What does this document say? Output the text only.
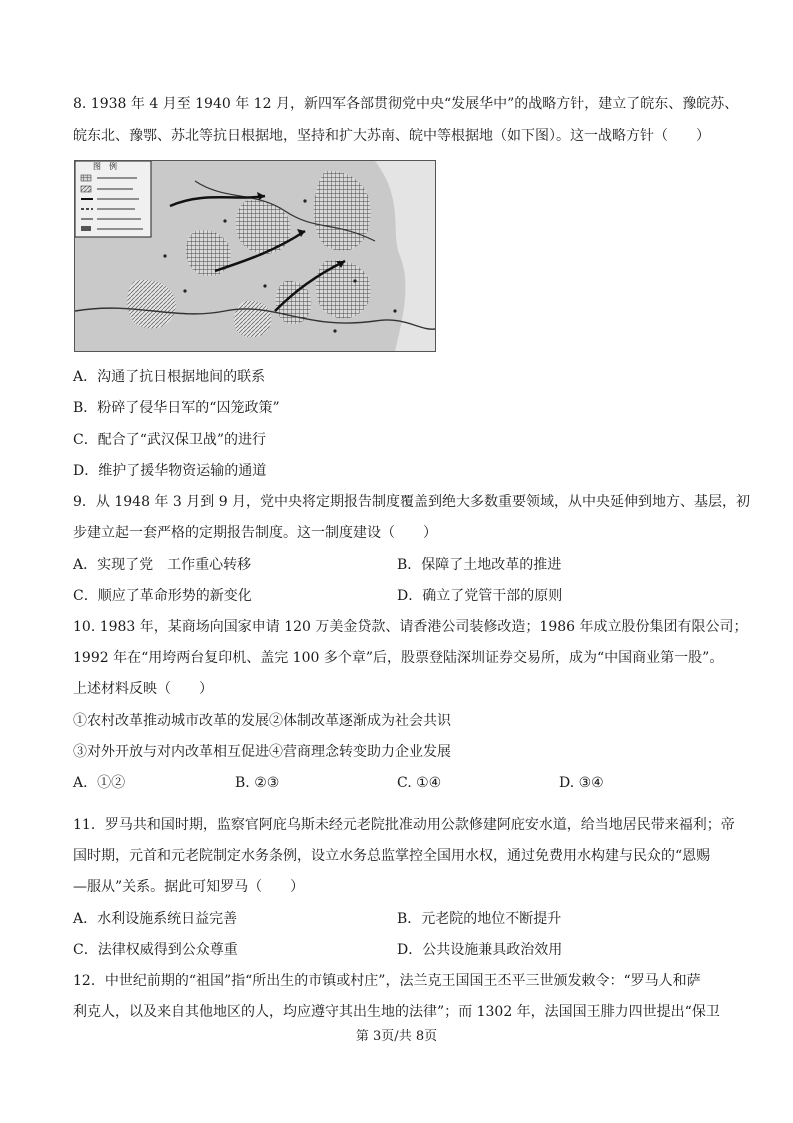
8. 1938 年 4 月至 1940 年 12 月，新四军各部贯彻党中央“发展华中”的战略方针，建立了皖东、豫皖苏、
皖东北、豫鄂、苏北等抗日根据地，坚持和扩大苏南、皖中等根据地（如下图）。这一战略方针（　　）
图　例
A．沟通了抗日根据地间的联系
B．粉碎了侵华日军的“囚笼政策”
C．配合了“武汉保卫战”的进行
D．维护了援华物资运输的通道
9．从 1948 年 3 月到 9 月，党中央将定期报告制度覆盖到绝大多数重要领域，从中央延伸到地方、基层，初
步建立起一套严格的定期报告制度。这一制度建设（　　）
A．实现了党　工作重心转移	B．保障了土地改革的推进
C．顺应了革命形势的新变化	D．确立了党管干部的原则
10. 1983 年，某商场向国家申请 120 万美金贷款、请香港公司装修改造；1986 年成立股份集团有限公司；
1992 年在“用垮两台复印机、盖完 100 多个章”后，股票登陆深圳证券交易所，成为“中国商业第一股”。
上述材料反映（　　）
①农村改革推动城市改革的发展②体制改革逐渐成为社会共识
③对外开放与对内改革相互促进④营商理念转变助力企业发展
A．①②	B. ②③	C. ①④	D. ③④
11．罗马共和国时期，监察官阿庇乌斯未经元老院批准动用公款修建阿庇安水道，给当地居民带来福利；帝
国时期，元首和元老院制定水务条例，设立水务总监掌控全国用水权，通过免费用水构建与民众的“恩赐
—服从”关系。据此可知罗马（　　）
A．水利设施系统日益完善	B．元老院的地位不断提升
C．法律权威得到公众尊重	D．公共设施兼具政治效用
12．中世纪前期的“祖国”指“所出生的市镇或村庄”，法兰克王国国王丕平三世颁发敕令：“罗马人和萨
利克人，以及来自其他地区的人，均应遵守其出生地的法律”；而 1302 年，法国国王腓力四世提出“保卫
第 3页/共 8页
